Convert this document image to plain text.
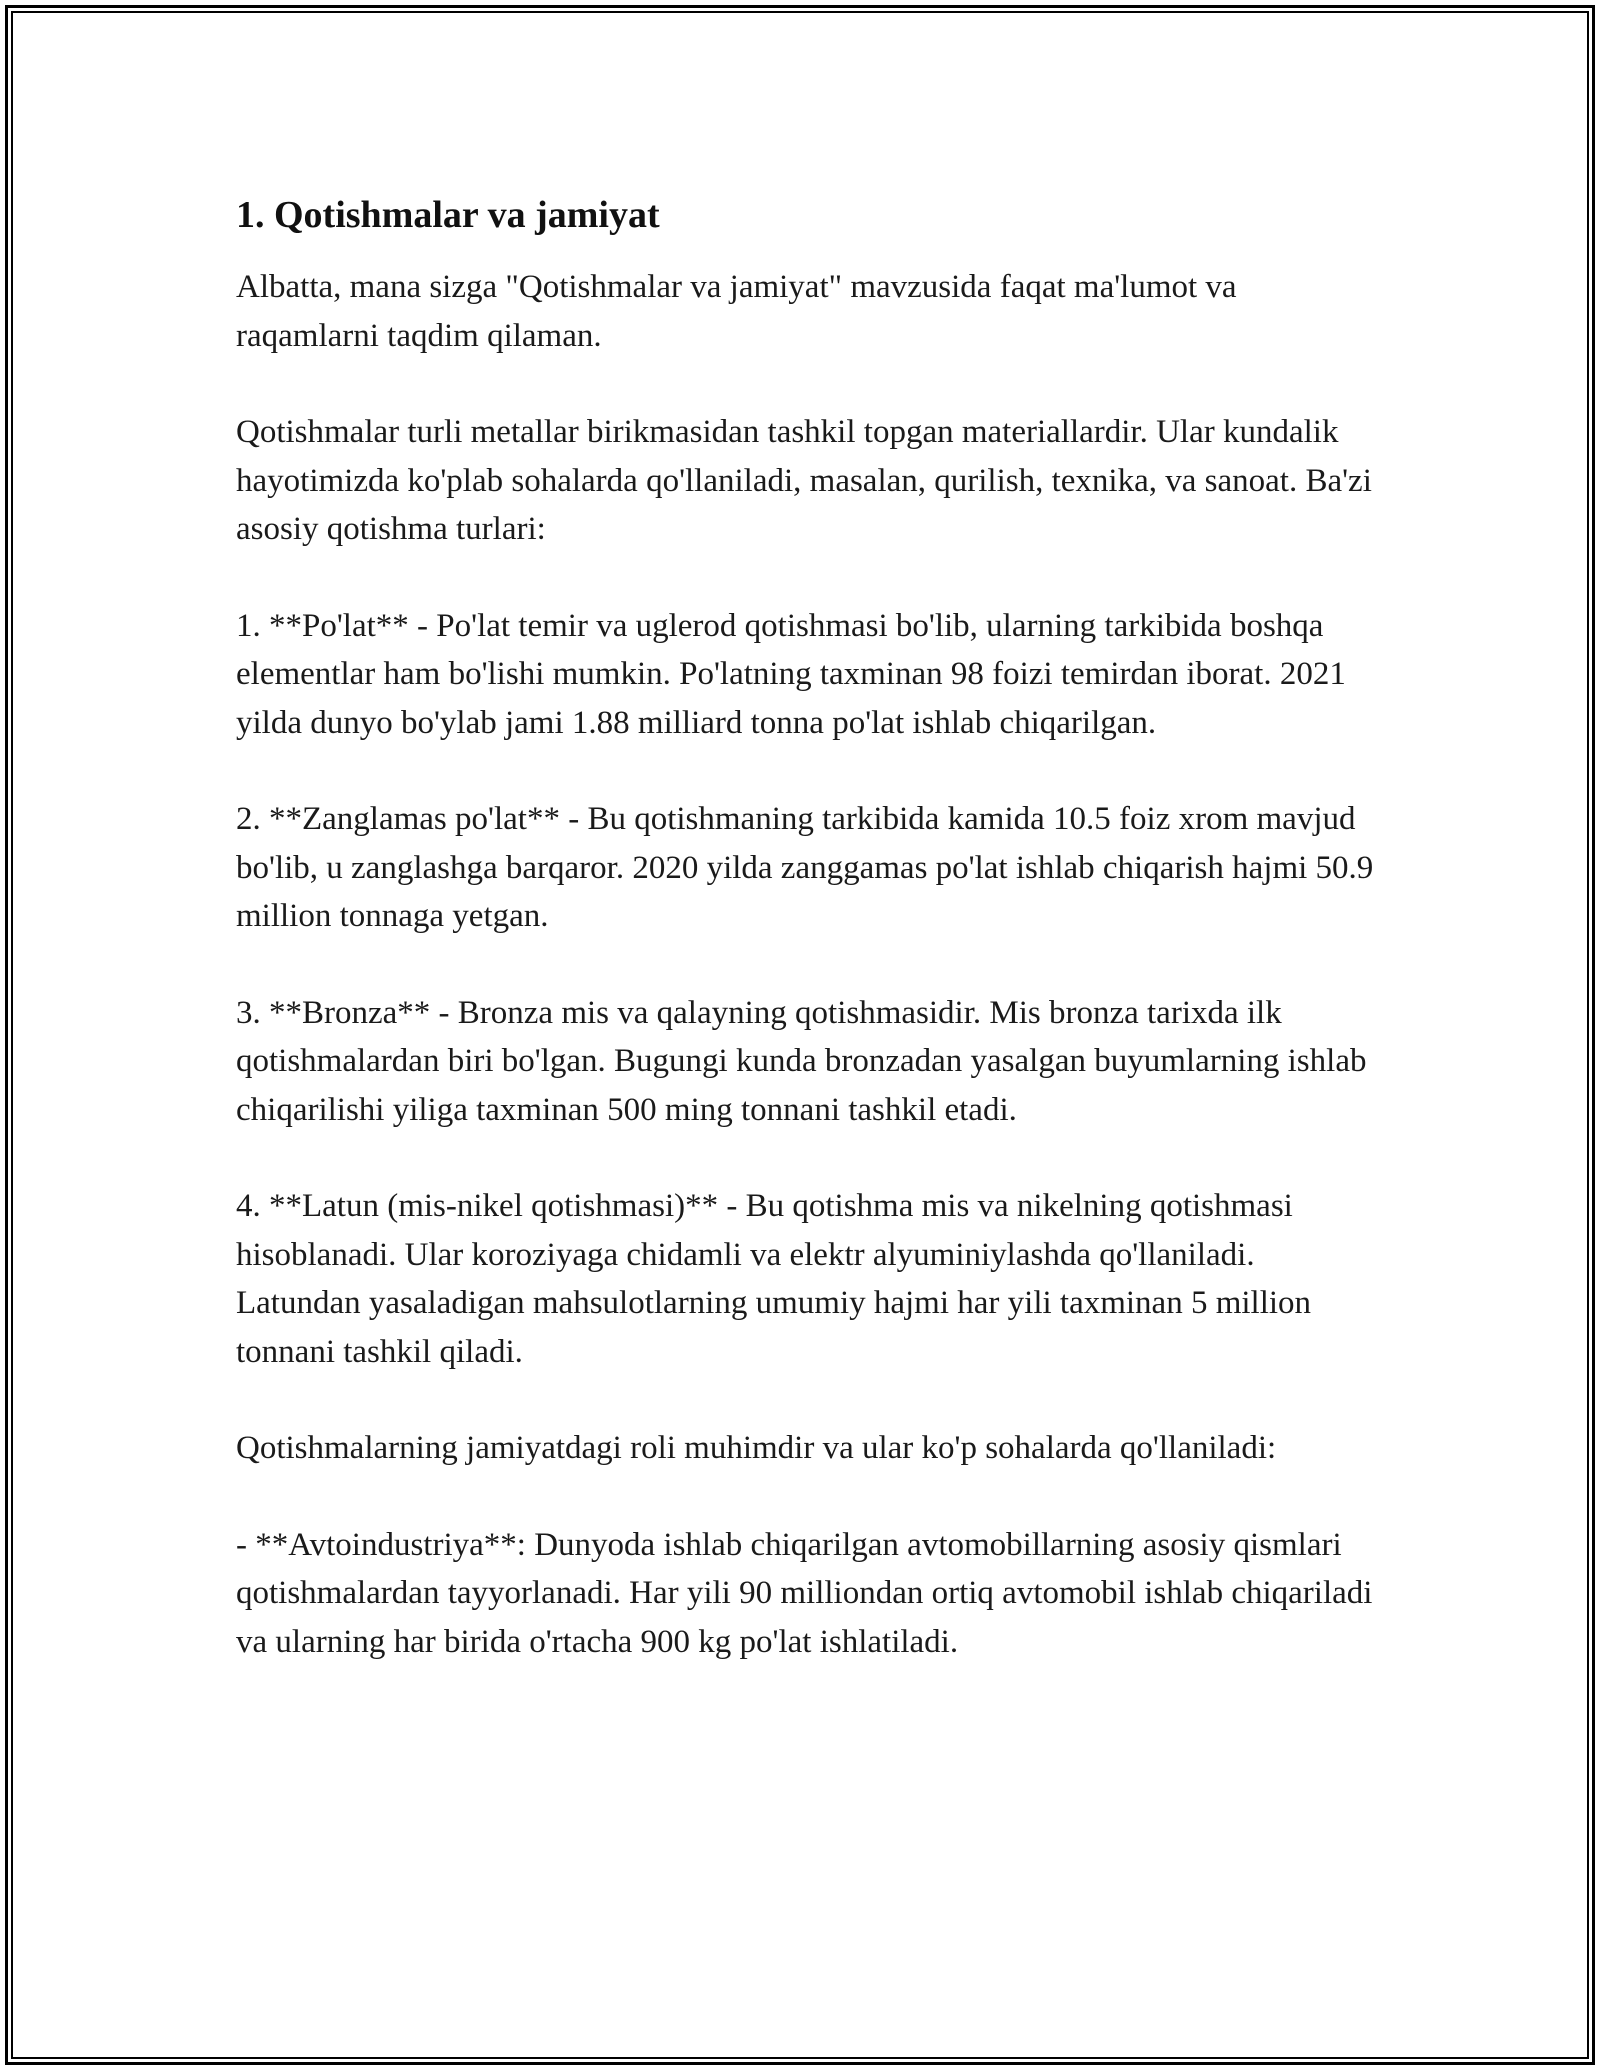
1. Qotishmalar va jamiyat

Albatta, mana sizga "Qotishmalar va jamiyat" mavzusida faqat ma'lumot va raqamlarni taqdim qilaman.

Qotishmalar turli metallar birikmasidan tashkil topgan materiallardir. Ular kundalik hayotimizda ko'plab sohalarda qo'llaniladi, masalan, qurilish, texnika, va sanoat. Ba'zi asosiy qotishma turlari:

1. **Po'lat** - Po'lat temir va uglerod qotishmasi bo'lib, ularning tarkibida boshqa elementlar ham bo'lishi mumkin. Po'latning taxminan 98 foizi temirdan iborat. 2021 yilda dunyo bo'ylab jami 1.88 milliard tonna po'lat ishlab chiqarilgan.

2. **Zanglamas po'lat** - Bu qotishmaning tarkibida kamida 10.5 foiz xrom mavjud bo'lib, u zanglashga barqaror. 2020 yilda zanggamas po'lat ishlab chiqarish hajmi 50.9 million tonnaga yetgan.

3. **Bronza** - Bronza mis va qalayning qotishmasidir. Mis bronza tarixda ilk qotishmalardan biri bo'lgan. Bugungi kunda bronzadan yasalgan buyumlarning ishlab chiqarilishi yiliga taxminan 500 ming tonnani tashkil etadi.

4. **Latun (mis-nikel qotishmasi)** - Bu qotishma mis va nikelning qotishmasi hisoblanadi. Ular koroziyaga chidamli va elektr alyuminiylashda qo'llaniladi. Latundan yasaladigan mahsulotlarning umumiy hajmi har yili taxminan 5 million tonnani tashkil qiladi.

Qotishmalarning jamiyatdagi roli muhimdir va ular ko'p sohalarda qo'llaniladi:

- **Avtoindustriya**: Dunyoda ishlab chiqarilgan avtomobillarning asosiy qismlari qotishmalardan tayyorlanadi. Har yili 90 milliondan ortiq avtomobil ishlab chiqariladi va ularning har birida o'rtacha 900 kg po'lat ishlatiladi.
